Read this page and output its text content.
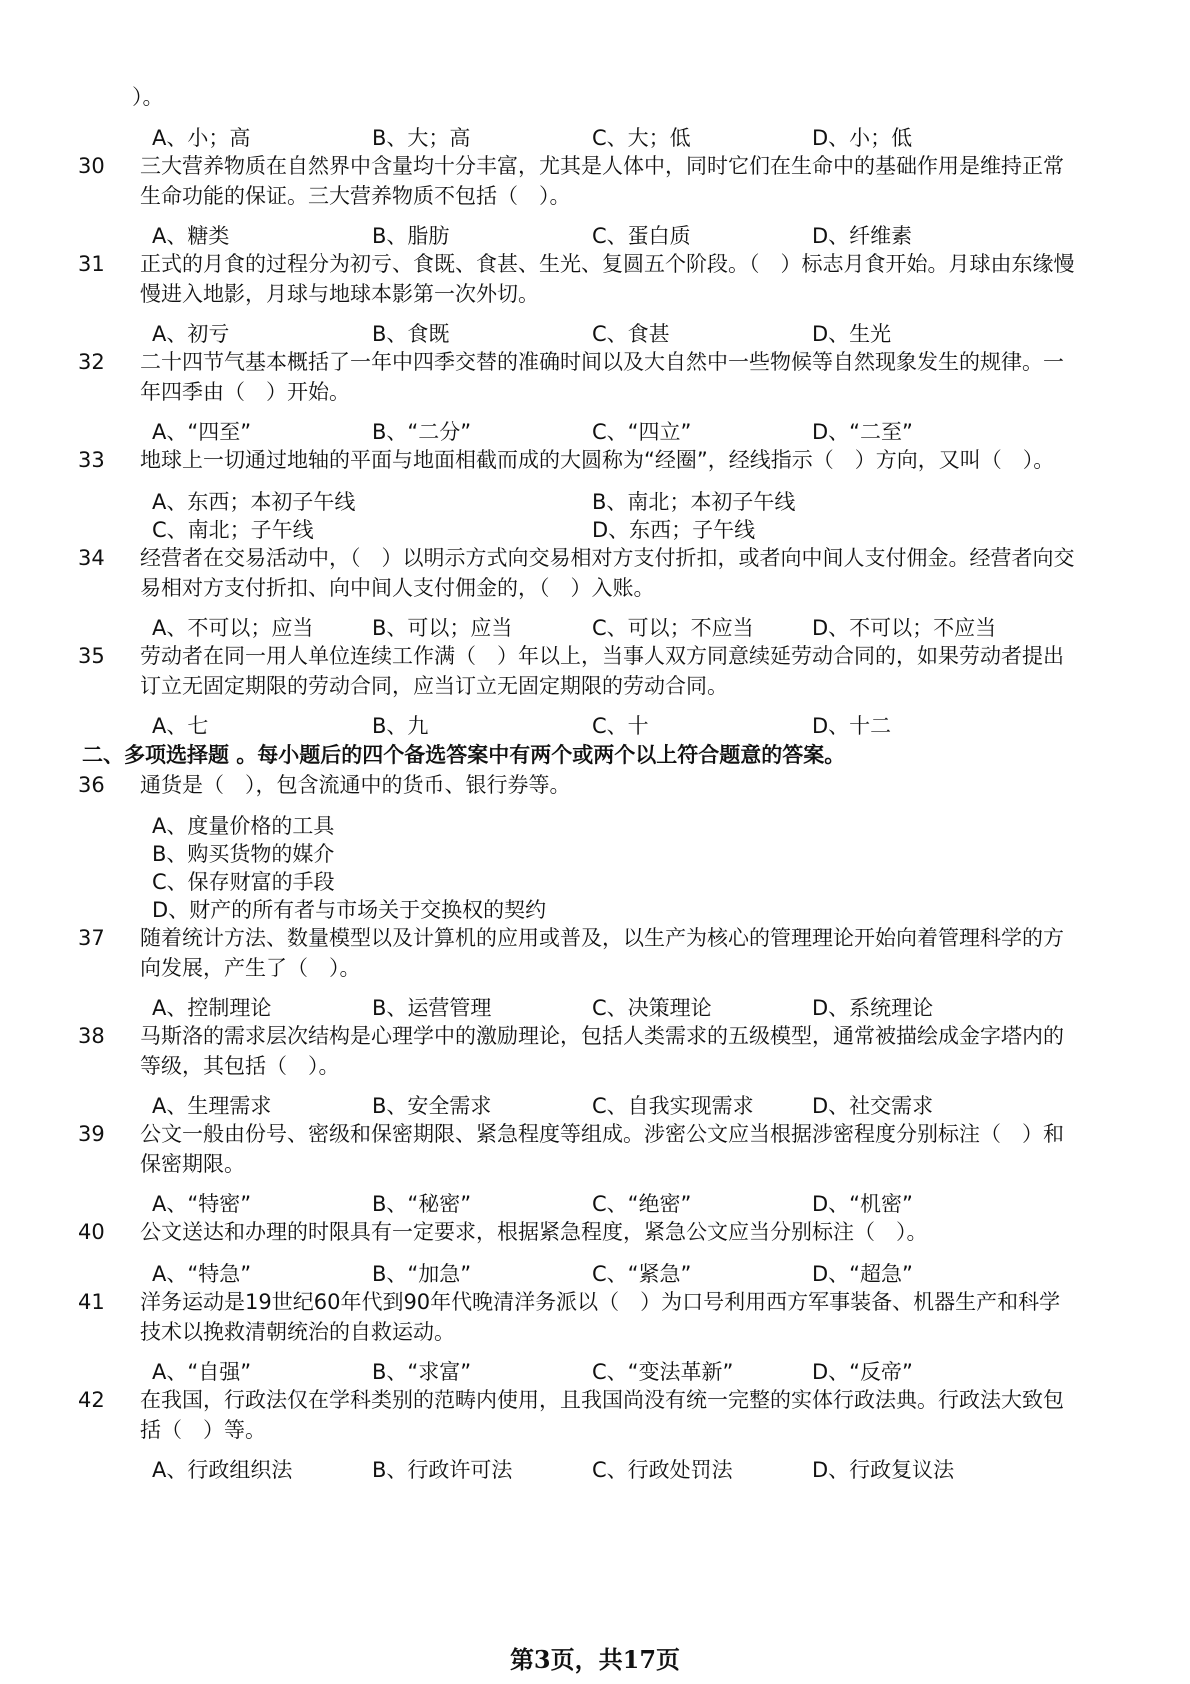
）。
A、小；高	B、大；高	C、大；低	D、小；低
30	三大营养物质在自然界中含量均十分丰富，尤其是人体中，同时它们在生命中的基础作用是维持正常生命功能的保证。三大营养物质不包括（　）。
A、糖类	B、脂肪	C、蛋白质	D、纤维素
31	正式的月食的过程分为初亏、食既、食甚、生光、复圆五个阶段。（　）标志月食开始。月球由东缘慢慢进入地影，月球与地球本影第一次外切。
A、初亏	B、食既	C、食甚	D、生光
32	二十四节气基本概括了一年中四季交替的准确时间以及大自然中一些物候等自然现象发生的规律。一年四季由（　）开始。
A、“四至”	B、“二分”	C、“四立”	D、“二至”
33	地球上一切通过地轴的平面与地面相截而成的大圆称为“经圈”，经线指示（　）方向，又叫（　）。
A、东西；本初子午线	B、南北；本初子午线
C、南北；子午线	D、东西；子午线
34	经营者在交易活动中，（　）以明示方式向交易相对方支付折扣，或者向中间人支付佣金。经营者向交易相对方支付折扣、向中间人支付佣金的，（　）入账。
A、不可以；应当	B、可以；应当	C、可以；不应当	D、不可以；不应当
35	劳动者在同一用人单位连续工作满（　）年以上，当事人双方同意续延劳动合同的，如果劳动者提出订立无固定期限的劳动合同，应当订立无固定期限的劳动合同。
A、七	B、九	C、十	D、十二
二、多项选择题 。每小题后的四个备选答案中有两个或两个以上符合题意的答案。
36	通货是（　），包含流通中的货币、银行券等。
A、度量价格的工具
B、购买货物的媒介
C、保存财富的手段
D、财产的所有者与市场关于交换权的契约
37	随着统计方法、数量模型以及计算机的应用或普及，以生产为核心的管理理论开始向着管理科学的方向发展，产生了（　）。
A、控制理论	B、运营管理	C、决策理论	D、系统理论
38	马斯洛的需求层次结构是心理学中的激励理论，包括人类需求的五级模型，通常被描绘成金字塔内的等级，其包括（　）。
A、生理需求	B、安全需求	C、自我实现需求	D、社交需求
39	公文一般由份号、密级和保密期限、紧急程度等组成。涉密公文应当根据涉密程度分别标注（　）和保密期限。
A、“特密”	B、“秘密”	C、“绝密”	D、“机密”
40	公文送达和办理的时限具有一定要求，根据紧急程度，紧急公文应当分别标注（　）。
A、“特急”	B、“加急”	C、“紧急”	D、“超急”
41	洋务运动是19世纪60年代到90年代晚清洋务派以（　）为口号利用西方军事装备、机器生产和科学技术以挽救清朝统治的自救运动。
A、“自强”	B、“求富”	C、“变法革新”	D、“反帝”
42	在我国，行政法仅在学科类别的范畴内使用，且我国尚没有统一完整的实体行政法典。行政法大致包括（　）等。
A、行政组织法	B、行政许可法	C、行政处罚法	D、行政复议法
第3页，共17页
